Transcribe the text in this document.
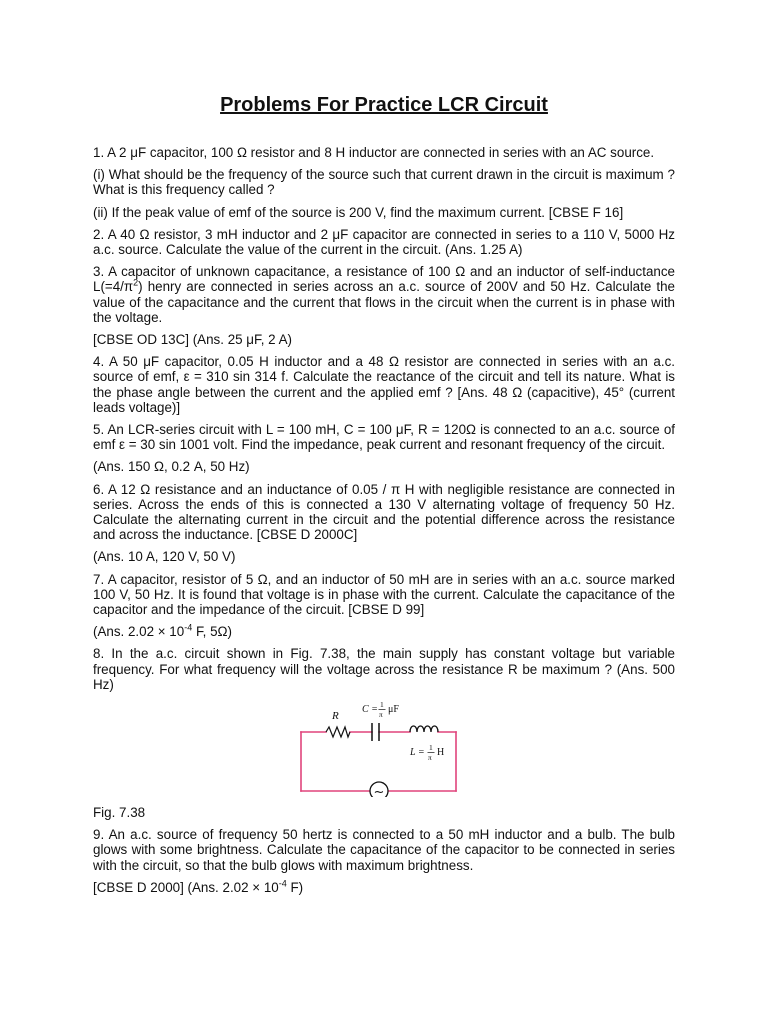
Problems For Practice LCR Circuit

1. A 2 μF capacitor, 100 Ω resistor and 8 H inductor are connected in series with an AC source.

(i) What should be the frequency of the source such that current drawn in the circuit is maximum ? What is this frequency called ?

(ii) If the peak value of emf of the source is 200 V, find the maximum current. [CBSE F 16]

2. A 40 Ω resistor, 3 mH inductor and 2 μF capacitor are connected in series to a 110 V, 5000 Hz a.c. source. Calculate the value of the current in the circuit. (Ans. 1.25 A)

3. A capacitor of unknown capacitance, a resistance of 100 Ω and an inductor of self-inductance $L(=4/\pi^2)$ henry are connected in series across an a.c. source of 200V and 50 Hz. Calculate the value of the capacitance and the current that flows in the circuit when the current is in phase with the voltage.

[CBSE OD 13C] (Ans. 25 μF, 2 A)

4. A 50 μF capacitor, 0.05 H inductor and a 48 Ω resistor are connected in series with an a.c. source of emf, ε = 310 sin 314 f. Calculate the reactance of the circuit and tell its nature. What is the phase angle between the current and the applied emf ? [Ans. 48 Ω (capacitive), 45° (current leads voltage)]

5. An LCR-series circuit with L = 100 mH, C = 100 μF, R = 120Ω is connected to an a.c. source of emf ε = 30 sin 1001 volt. Find the impedance, peak current and resonant frequency of the circuit.

(Ans. 150 Ω, 0.2 A, 50 Hz)

6. A 12 Ω resistance and an inductance of 0.05 / π H with negligible resistance are connected in series. Across the ends of this is connected a 130 V alternating voltage of frequency 50 Hz. Calculate the alternating current in the circuit and the potential difference across the resistance and across the inductance. [CBSE D 2000C]

(Ans. 10 A, 120 V, 50 V)

7. A capacitor, resistor of 5 Ω, and an inductor of 50 mH are in series with an a.c. source marked 100 V, 50 Hz. It is found that voltage is in phase with the current. Calculate the capacitance of the capacitor and the impedance of the circuit. [CBSE D 99]

(Ans. $2.02 \times 10^{-4}$ F, 5Ω)

8. In the a.c. circuit shown in Fig. 7.38, the main supply has constant voltage but variable frequency. For what frequency will the voltage across the resistance R be maximum ? (Ans. 500 Hz)

R
C = 1
π μF
L = 1
π H
~

Fig. 7.38

9. An a.c. source of frequency 50 hertz is connected to a 50 mH inductor and a bulb. The bulb glows with some brightness. Calculate the capacitance of the capacitor to be connected in series with the circuit, so that the bulb glows with maximum brightness.

[CBSE D 2000] (Ans. $2.02 \times 10^{-4}$ F)
